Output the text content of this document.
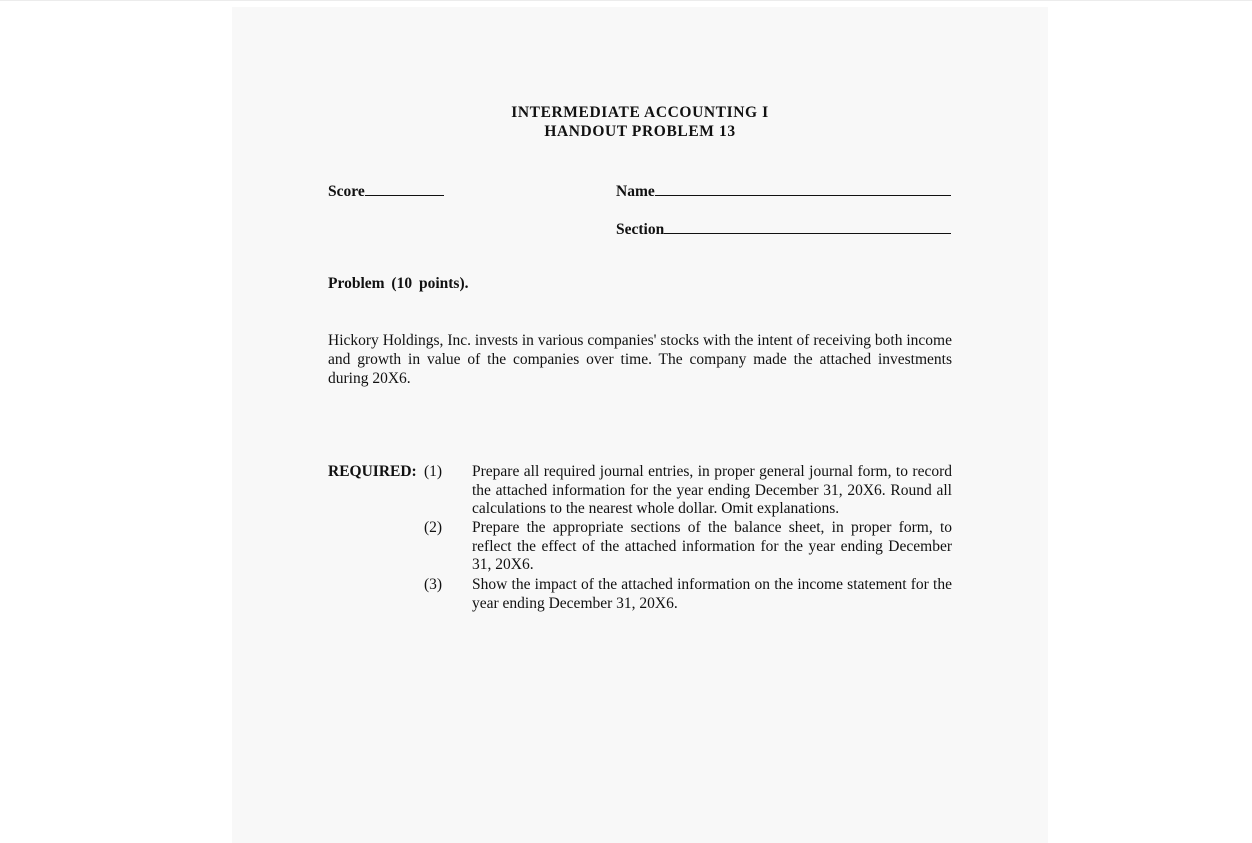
INTERMEDIATE ACCOUNTING I
HANDOUT PROBLEM 13
Score	Name
Section
Problem (10 points).
Hickory Holdings, Inc. invests in various companies' stocks with the intent of receiving both income and growth in value of the companies over time. The company made the attached investments during 20X6.
REQUIRED: (1) Prepare all required journal entries, in proper general journal form, to record the attached information for the year ending December 31, 20X6. Round all calculations to the nearest whole dollar. Omit explanations.
(2) Prepare the appropriate sections of the balance sheet, in proper form, to reflect the effect of the attached information for the year ending December 31, 20X6.
(3) Show the impact of the attached information on the income statement for the year ending December 31, 20X6.
